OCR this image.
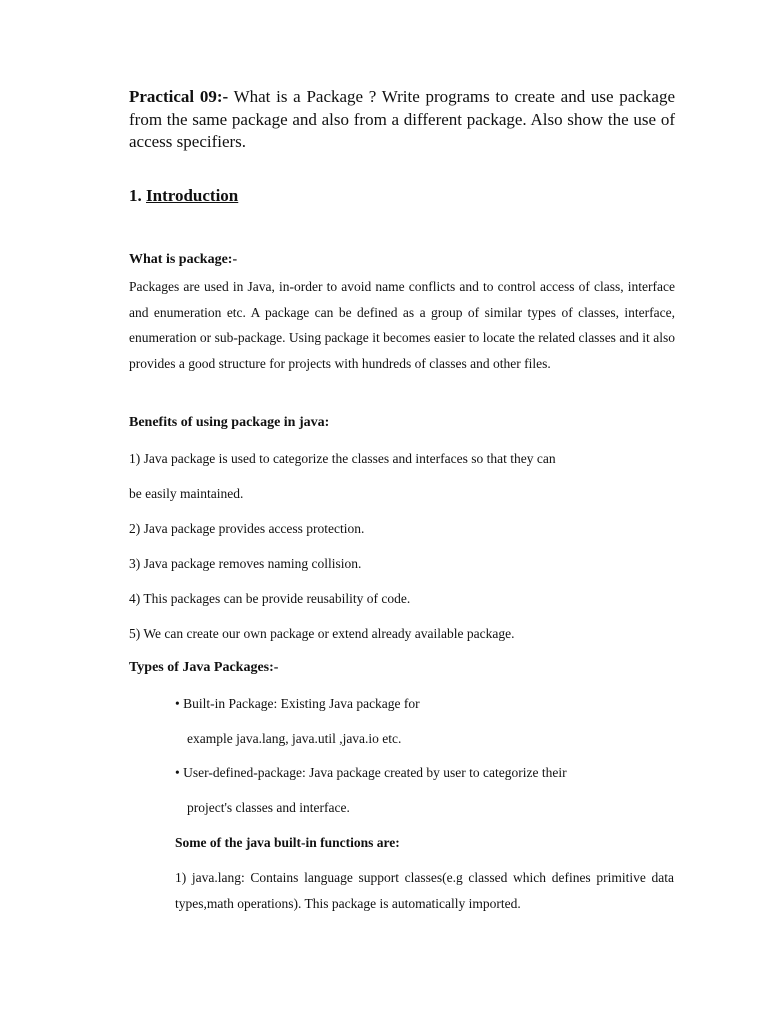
Practical 09:- What is a Package ? Write programs to create and use package from the same package and also from a different package. Also show the use of access specifiers.
1. Introduction
What is package:-
Packages are used in Java, in-order to avoid name conflicts and to control access of class, interface and enumeration etc. A package can be defined as a group of similar types of classes, interface, enumeration or sub-package. Using package it becomes easier to locate the related classes and it also provides a good structure for projects with hundreds of classes and other files.
Benefits of using package in java:
1) Java package is used to categorize the classes and interfaces so that they can
be easily maintained.
2) Java package provides access protection.
3) Java package removes naming collision.
4) This packages can be provide reusability of code.
5) We can create our own package or extend already available package.
Types of Java Packages:-
• Built-in Package: Existing Java package for
example java.lang, java.util ,java.io etc.
• User-defined-package: Java package created by user to categorize their
project's classes and interface.
Some of the java built-in functions are:
1) java.lang: Contains language support classes(e.g classed which defines primitive data types,math operations). This package is automatically imported.
